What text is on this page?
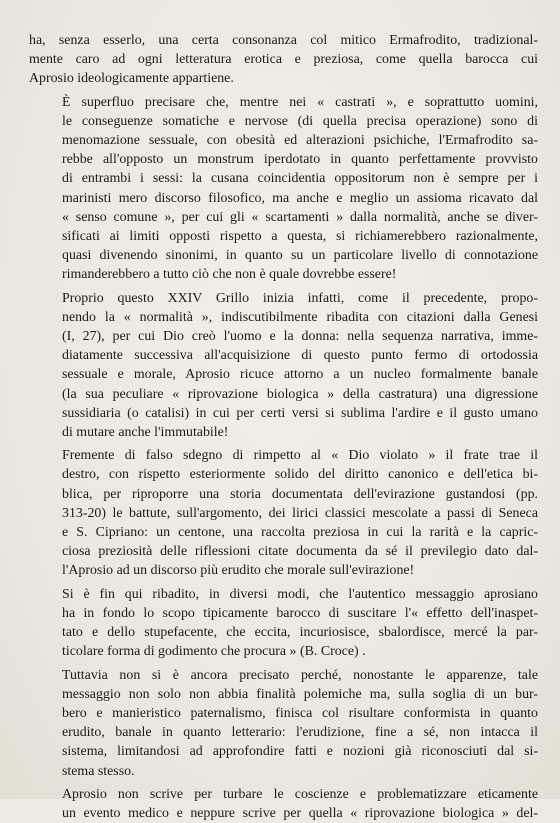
ha, senza esserlo, una certa consonanza col mitico Ermafrodito, tradizional-
mente caro ad ogni letteratura erotica e preziosa, come quella barocca cui
Aprosio ideologicamente appartiene.

È superfluo precisare che, mentre nei « castrati », e soprattutto uomini,
le conseguenze somatiche e nervose (di quella precisa operazione) sono di
menomazione sessuale, con obesità ed alterazioni psichiche, l'Ermafrodito sa-
rebbe all'opposto un monstrum iperdotato in quanto perfettamente provvisto
di entrambi i sessi: la cusana coincidentia oppositorum non è sempre per i
marinisti mero discorso filosofico, ma anche e meglio un assioma ricavato dal
« senso comune », per cui gli « scartamenti » dalla normalità, anche se diver-
sificati ai limiti opposti rispetto a questa, si richiamerebbero razionalmente,
quasi divenendo sinonimi, in quanto su un particolare livello di connotazione
rimanderebbero a tutto ciò che non è quale dovrebbe essere!

Proprio questo XXIV Grillo inizia infatti, come il precedente, propo-
nendo la « normalità », indiscutibilmente ribadita con citazioni dalla Genesi
(I, 27), per cui Dio creò l'uomo e la donna: nella sequenza narrativa, imme-
diatamente successiva all'acquisizione di questo punto fermo di ortodossia
sessuale e morale, Aprosio ricuce attorno a un nucleo formalmente banale
(la sua peculiare « riprovazione biologica » della castratura) una digressione
sussidiaria (o catalisi) in cui per certi versi si sublima l'ardire e il gusto umano
di mutare anche l'immutabile!

Fremente di falso sdegno di rimpetto al « Dio violato » il frate trae il
destro, con rispetto esteriormente solido del diritto canonico e dell'etica bi-
blica, per riproporre una storia documentata dell'evirazione gustandosi (pp.
313-20) le battute, sull'argomento, dei lirici classici mescolate a passi di Seneca
e S. Cipriano: un centone, una raccolta preziosa in cui la rarità e la capric-
ciosa preziosità delle riflessioni citate documenta da sé il previlegio dato dal-
l'Aprosio ad un discorso più erudito che morale sull'evirazione!

Si è fin qui ribadito, in diversi modi, che l'autentico messaggio aprosiano
ha in fondo lo scopo tipicamente barocco di suscitare l'« effetto dell'inaspet-
tato e dello stupefacente, che eccita, incuriosisce, sbalordisce, mercé la par-
ticolare forma di godimento che procura » (B. Croce) .

Tuttavia non si è ancora precisato perché, nonostante le apparenze, tale
messaggio non solo non abbia finalità polemiche ma, sulla soglia di un bur-
bero e manieristico paternalismo, finisca col risultare conformista in quanto
erudito, banale in quanto letterario: l'erudizione, fine a sé, non intacca il
sistema, limitandosi ad approfondire fatti e nozioni già riconosciuti dal si-
stema stesso.

Aprosio non scrive per turbare le coscienze e problematizzare eticamente
un evento medico e neppure scrive per quella « riprovazione biologica » del-
